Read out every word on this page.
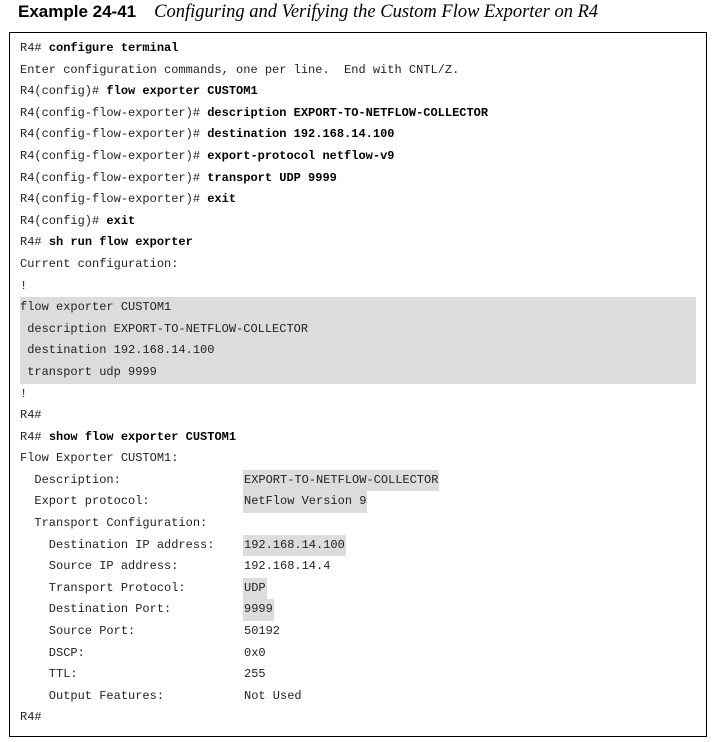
Example 24-41 Configuring and Verifying the Custom Flow Exporter on R4
R4# configure terminal
Enter configuration commands, one per line.  End with CNTL/Z.
R4(config)# flow exporter CUSTOM1
R4(config-flow-exporter)# description EXPORT-TO-NETFLOW-COLLECTOR
R4(config-flow-exporter)# destination 192.168.14.100
R4(config-flow-exporter)# export-protocol netflow-v9
R4(config-flow-exporter)# transport UDP 9999
R4(config-flow-exporter)# exit
R4(config)# exit
R4# sh run flow exporter
Current configuration:
!
flow exporter CUSTOM1
description EXPORT-TO-NETFLOW-COLLECTOR
destination 192.168.14.100
transport udp 9999
!
R4#
R4# show flow exporter CUSTOM1
Flow Exporter CUSTOM1:
Description:	EXPORT-TO-NETFLOW-COLLECTOR
Export protocol:	NetFlow Version 9
Transport Configuration:
Destination IP address: 192.168.14.100
Source IP address:	192.168.14.4
Transport Protocol:	UDP
Destination Port:	9999
Source Port:	50192
DSCP:	0x0
TTL:	255
Output Features:	Not Used
R4#
